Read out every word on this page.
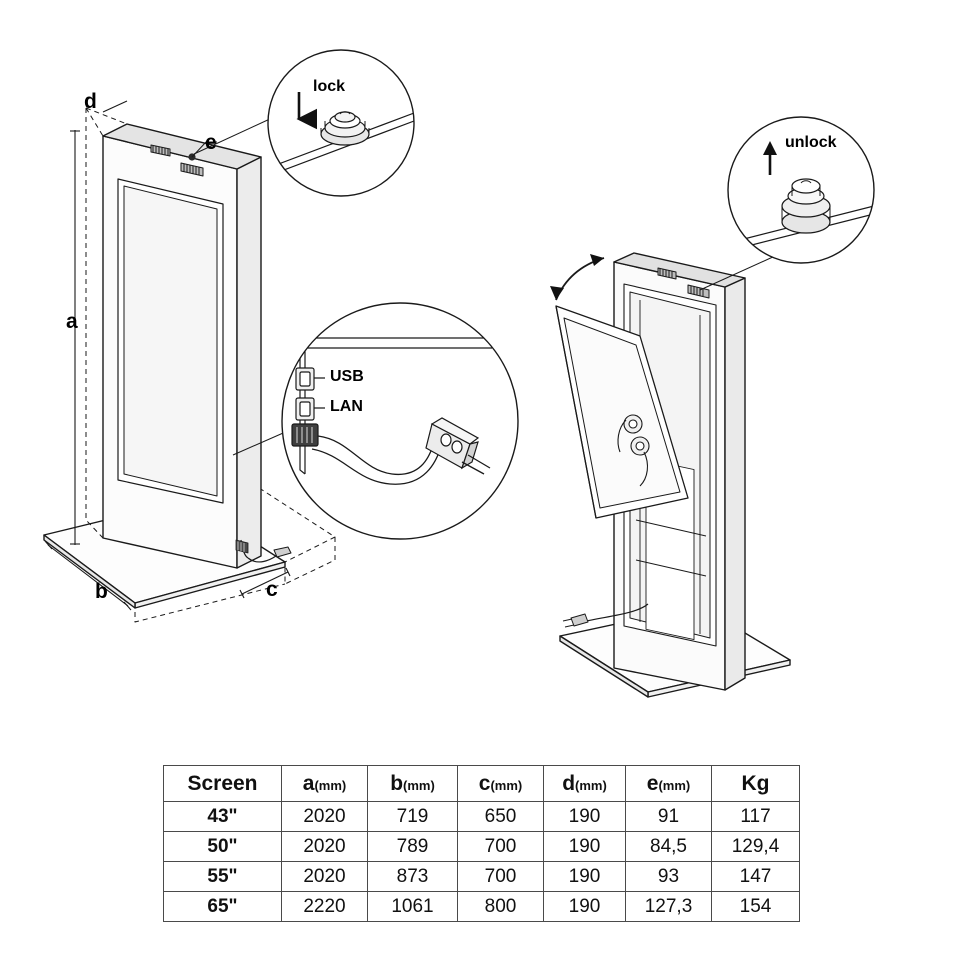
a
b	c
d
e
lock
unlock
USB
LAN
Screen	a(mm)	b(mm)	c(mm)	d(mm)	e(mm)	Kg
43"	2020	719	650	190	91	117
50"	2020	789	700	190	84,5	129,4
55"	2020	873	700	190	93	147
65"	2220	1061	800	190	127,3	154
